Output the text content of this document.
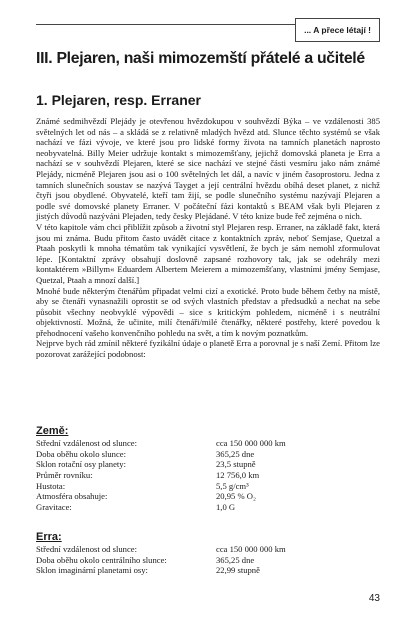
... A přece létají !
III. Plejaren, naši mimozemští přátelé a učitelé
1. Plejaren, resp. Erraner

Známé sedmihvězdí Plejády je otevřenou hvězdokupou v souhvězdí Býka – ve vzdálenosti 385 světelných let od nás – a skládá se z relativně mladých hvězd atd. Slunce těchto systémů se však nachází ve fázi vývoje, ve které jsou pro lidské formy života na tamních planetách naprosto neobyvatelná. Billy Meier udržuje kontakt s mimozemšťany, jejichž domovská planeta je Erra a nachází se v souhvězdí Plejaren, které se sice nachází ve stejné části vesmíru jako nám známé Plejády, nicméně Plejaren jsou asi o 100 světelných let dál, a navíc v jiném časoprostoru. Jedna z tamních slunečních soustav se nazývá Tayget a její centrální hvězdu obíhá deset planet, z nichž čtyři jsou obydlené. Obyvatelé, kteří tam žijí, se podle slunečního systému nazývají Plejaren a podle své domovské planety Erraner. V počáteční fázi kontaktů s BEAM však byli Plejaren z jistých důvodů nazýváni Plejaden, tedy česky Plejádané. V této knize bude řeč zejména o nich.

V této kapitole vám chci přiblížit způsob a životní styl Plejaren resp. Erraner, na základě fakt, která jsou mi známa. Budu přitom často uvádět citace z kontaktních zpráv, neboť Semjase, Quetzal a Ptaah poskytli k mnoha tématům tak vynikající vysvětlení, že bych je sám nemohl zformulovat lépe. [Kontaktní zprávy obsahují doslovně zapsané rozhovory tak, jak se odehrály mezi kontaktérem »Billym« Eduardem Albertem Meierem a mimozemšťany, vlastními jmény Semjase, Quetzal, Ptaah a mnozí další.]

Mnohé bude některým čtenářům připadat velmi cizí a exotické. Proto bude během četby na místě, aby se čtenáři vynasnažili oprostit se od svých vlastních představ a předsudků a nechat na sebe působit všechny neobvyklé výpovědi – sice s kritickým pohledem, nicméně i s neutrální objektivností. Možná, že učinite, milí čtenáři/milé čtenářky, některé postřehy, které povedou k přehodnocení vašeho konvenčního pohledu na svět, a tím k novým poznatkům.

Nejprve bych rád zmínil některé fyzikální údaje o planetě Erra a porovnal je s naší Zemí. Přitom lze pozorovat zarážející podobnost:

Země:
Střední vzdálenost od slunce:	cca 150 000 000 km
Doba oběhu okolo slunce:	365,25 dne
Sklon rotační osy planety:	23,5 stupně
Průměr rovníku:	12 756,0 km
Hustota:	5,5 g/cm³
Atmosféra obsahuje:	20,95 % O₂
Gravitace:	1,0 G
Erra:
Střední vzdálenost od slunce:	cca 150 000 000 km
Doba oběhu okolo centrálního slunce:	365,25 dne
Sklon imaginární planetami osy:	22,99 stupně
43
